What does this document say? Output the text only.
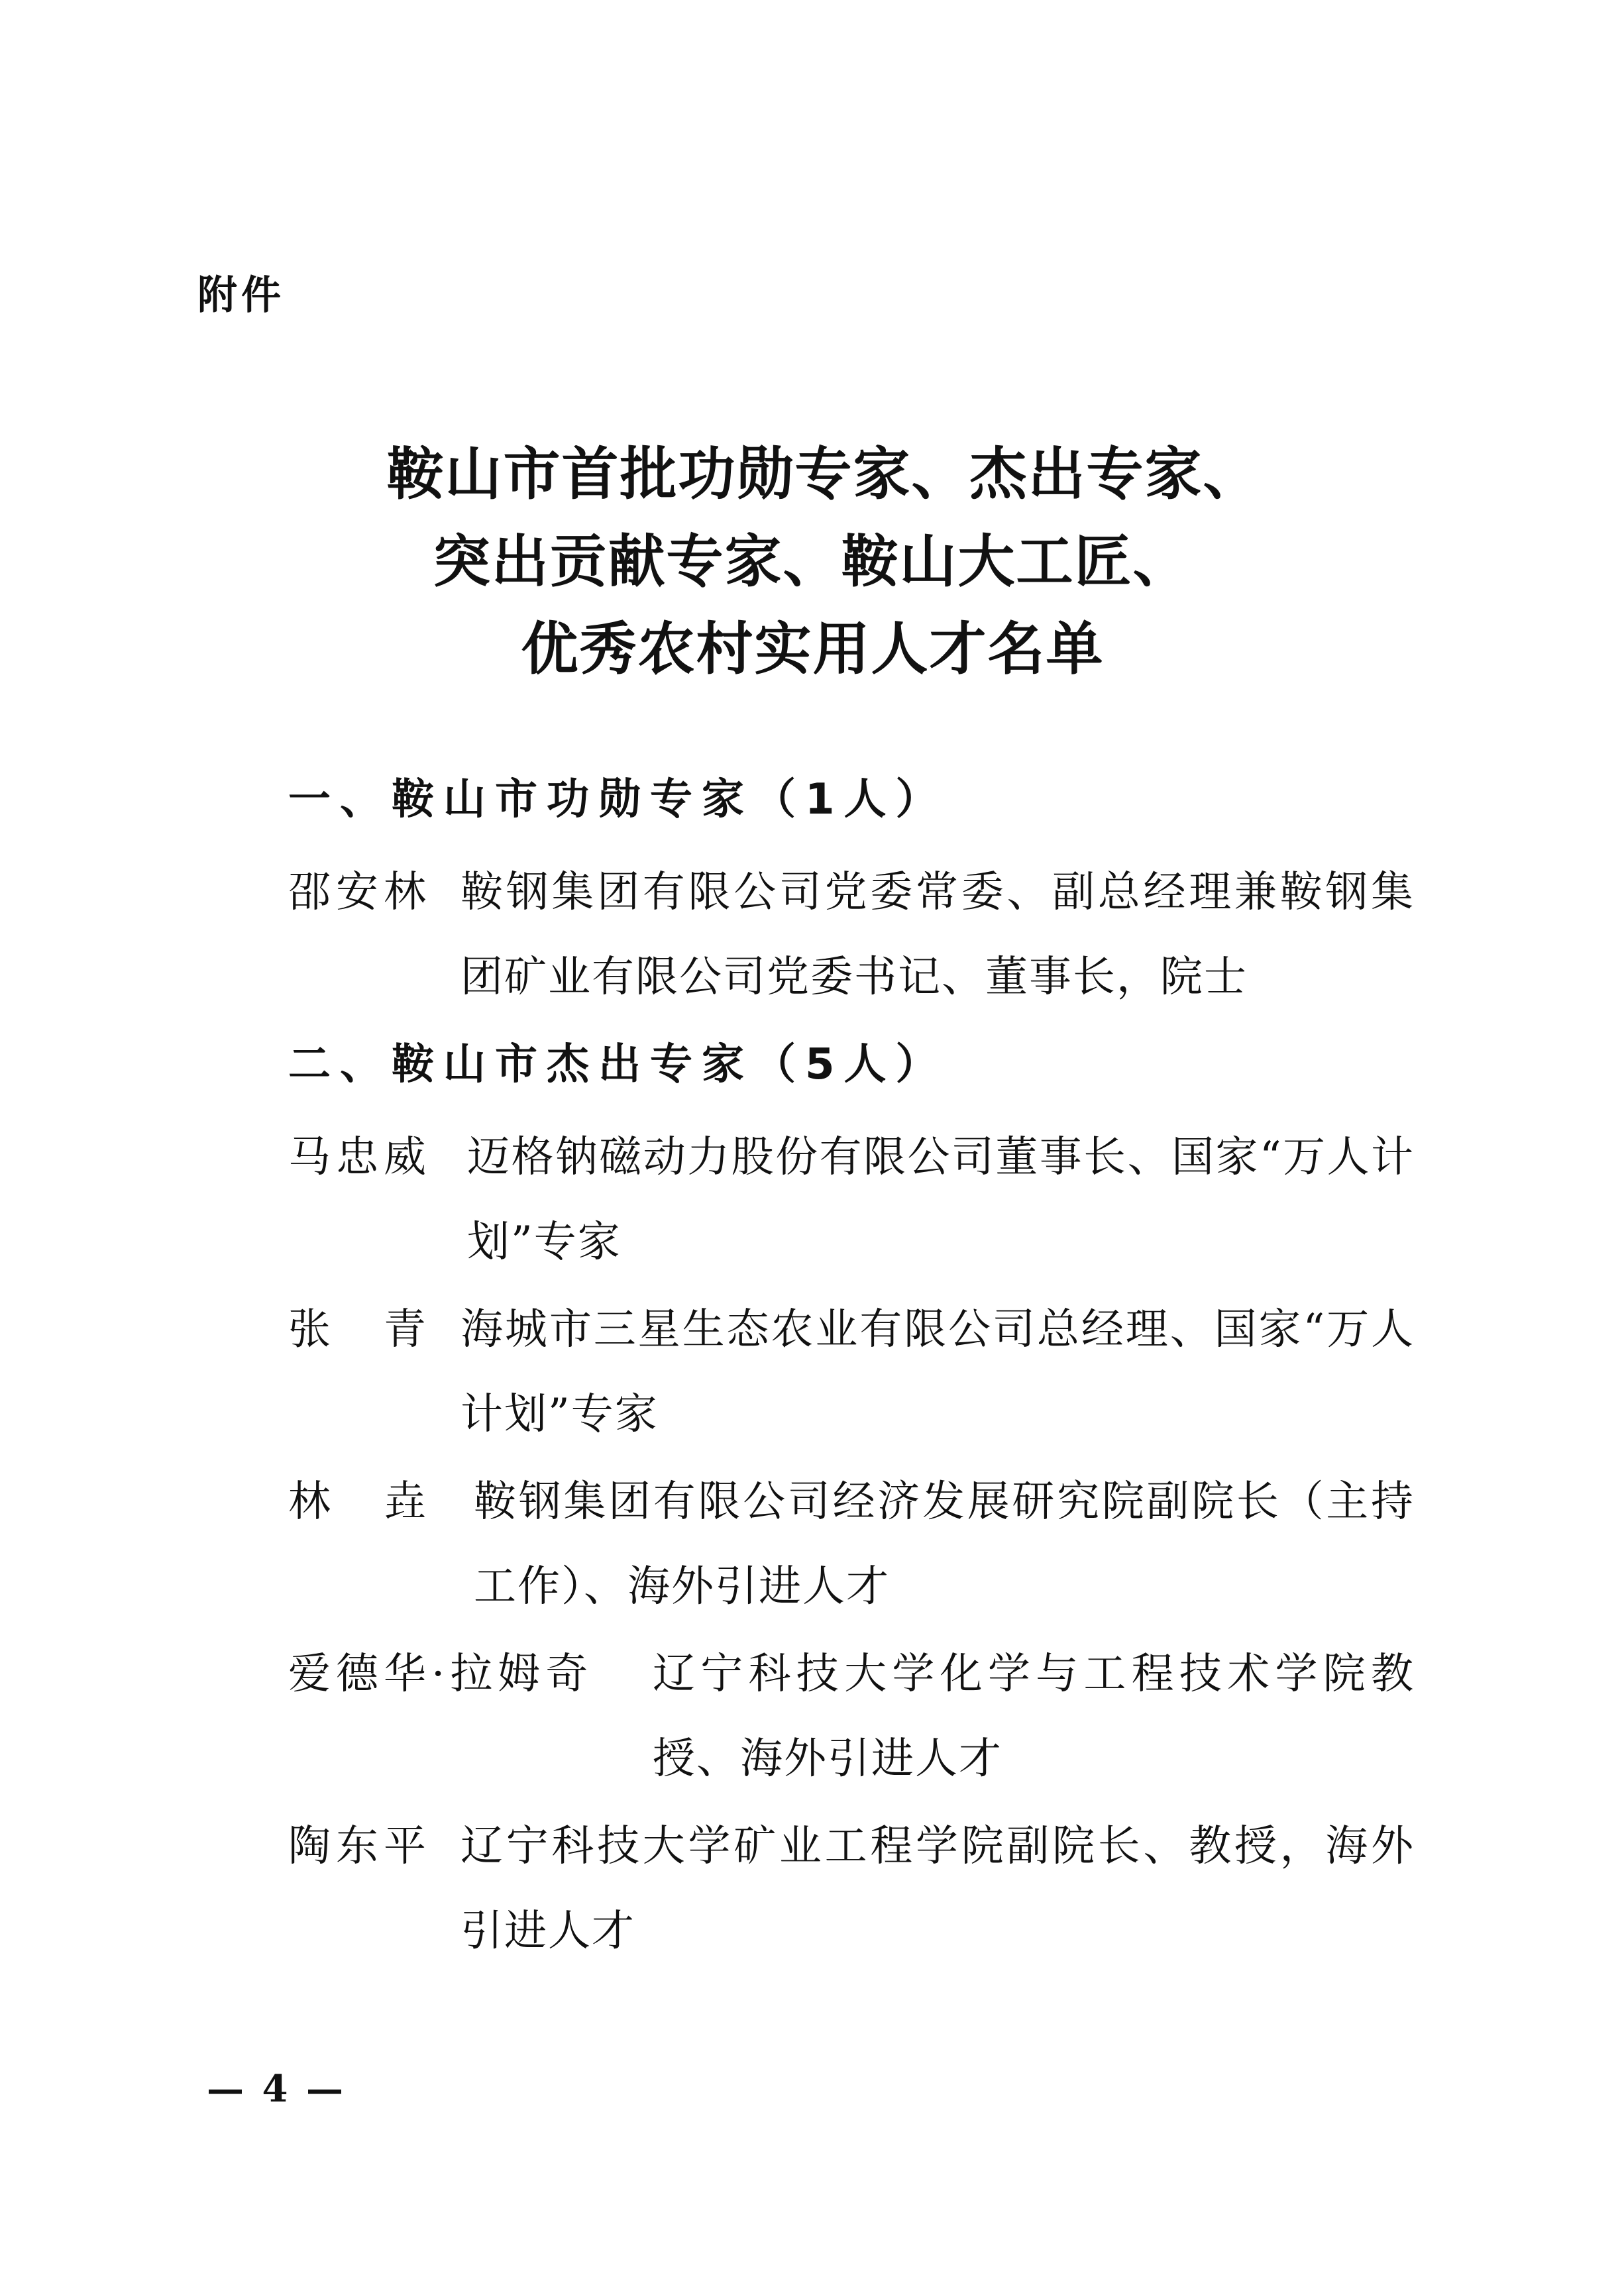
附件
鞍山市首批功勋专家、杰出专家、
突出贡献专家、鞍山大工匠、
优秀农村实用人才名单
一、鞍山市功勋专家（1人）
邵安林 鞍钢集团有限公司党委常委、副总经理兼鞍钢集团矿业有限公司党委书记、董事长，院士
二、鞍山市杰出专家（5人）
马忠威 迈格钠磁动力股份有限公司董事长、国家“万人计划”专家
张　青 海城市三星生态农业有限公司总经理、国家“万人计划”专家
林　垚 鞍钢集团有限公司经济发展研究院副院长（主持工作）、海外引进人才
爱德华·拉姆奇 辽宁科技大学化学与工程技术学院教授、海外引进人才
陶东平 辽宁科技大学矿业工程学院副院长、教授，海外引进人才
— 4 —
